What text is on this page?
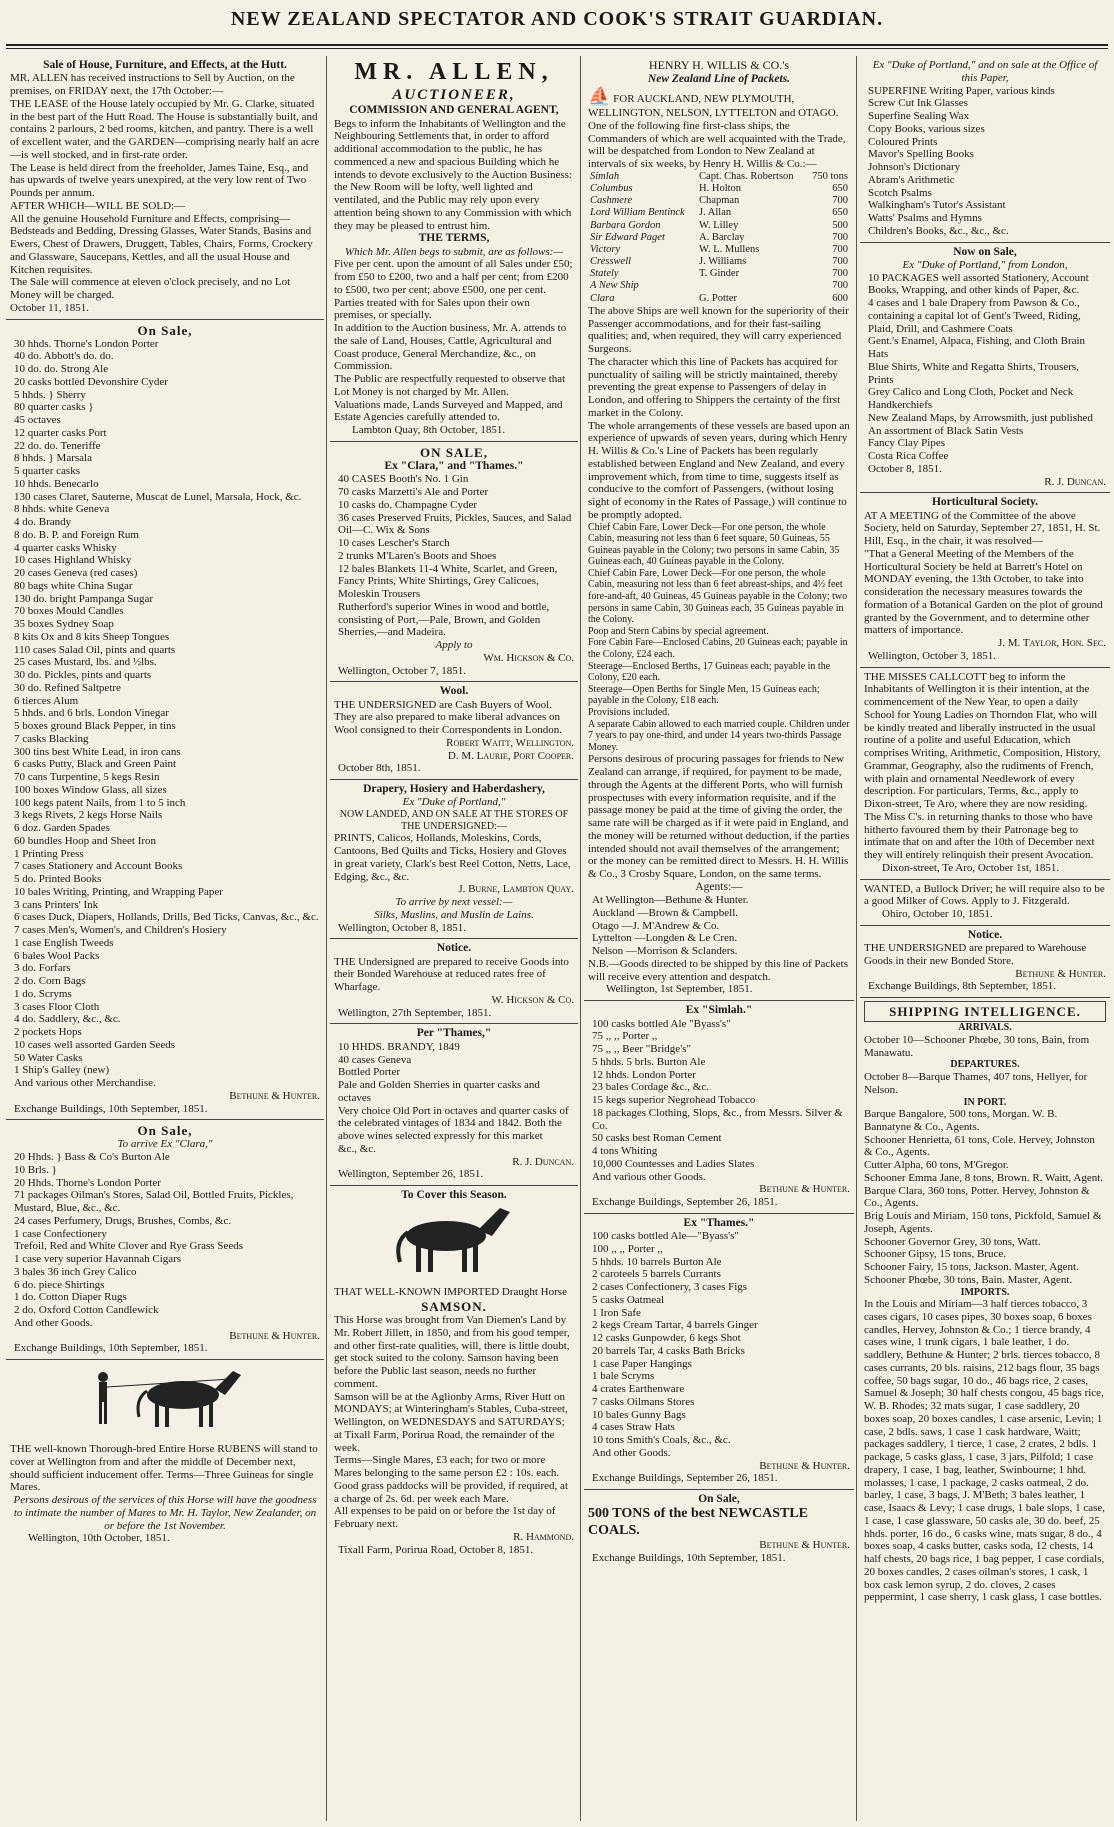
NEW ZEALAND SPECTATOR AND COOK'S STRAIT GUARDIAN.
Sale of House, Furniture, and Effects, at the Hutt.
MR. ALLEN has received instructions to Sell by Auction, on the premises, on FRIDAY next, the 17th October:—
THE LEASE of the House lately occupied by Mr. G. Clarke, situated in the best part of the Hutt Road. The House is substantially built, and contains 2 parlours, 2 bed rooms, kitchen, and pantry. There is a well of excellent water, and the GARDEN—comprising nearly half an acre—is well stocked, and in first-rate order.
The Lease is held direct from the freeholder, James Taine, Esq., and has upwards of twelve years unexpired, at the very low rent of Two Pounds per annum.
AFTER WHICH—WILL BE SOLD:—
All the genuine Household Furniture and Effects, comprising—Bedsteads and Bedding, Dressing Glasses, Water Stands, Basins and Ewers, Chest of Drawers, Druggett, Tables, Chairs, Forms, Crockery and Glassware, Saucepans, Kettles, and all the usual House and Kitchen requisites.
The Sale will commence at eleven o'clock precisely, and no Lot Money will be charged.
October 11, 1851.
On Sale,
30 hhds. Thorne's London Porter
40 do. Abbott's do. do.
10 do. do. Strong Ale
20 casks bottled Devonshire Cyder
5 hhds. } Sherry
80 quarter casks }
45 octaves
12 quarter casks Port
22 do. do. Teneriffe
8 hhds. } Marsala
5 quarter casks
10 hhds. Benecarlo
130 cases Claret, Sauterne, Muscat de Lunel, Marsala, Hock, &c.
8 hhds. white Geneva
4 do. Brandy
8 do. B. P. and Foreign Rum
4 quarter casks Whisky
10 cases Highland Whisky
20 cases Geneva (red cases)
80 bags white China Sugar
130 do. bright Pampanga Sugar
70 boxes Mould Candles
35 boxes Sydney Soap
8 kits Ox and 8 kits Sheep Tongues
110 cases Salad Oil, pints and quarts
25 cases Mustard, lbs. and ½lbs.
30 do. Pickles, pints and quarts
30 do. Refined Saltpetre
6 tierces Alum
5 hhds. and 6 brls. London Vinegar
5 boxes ground Black Pepper, in tins
7 casks Blacking
300 tins best White Lead, in iron cans
6 casks Putty, Black and Green Paint
70 cans Turpentine, 5 kegs Resin
100 boxes Window Glass, all sizes
100 kegs patent Nails, from 1 to 5 inch
3 kegs Rivets, 2 kegs Horse Nails
6 doz. Garden Spades
60 bundles Hoop and Sheet Iron
1 Printing Press
7 cases Stationery and Account Books
5 do. Printed Books
10 bales Writing, Printing, and Wrapping Paper
3 cans Printers' Ink
6 cases Duck, Diapers, Hollands, Drills, Bed Ticks, Canvas, &c., &c.
7 cases Men's, Women's, and Children's Hosiery
1 case English Tweeds
6 bales Wool Packs
3 do. Forfars
2 do. Corn Bags
1 do. Scryms
3 cases Floor Cloth
4 do. Saddlery, &c., &c.
2 pockets Hops
10 cases well assorted Garden Seeds
50 Water Casks
1 Ship's Galley (new)
And various other Merchandise.
Bethune & Hunter.
Exchange Buildings, 10th September, 1851.
On Sale,
To arrive Ex "Clara,"
20 Hhds. } Bass & Co's Burton Ale
10 Brls. }
20 Hhds. Thorne's London Porter
71 packages Oilman's Stores, Salad Oil, Bottled Fruits, Pickles, Mustard, Blue, &c., &c.
24 cases Perfumery, Drugs, Brushes, Combs, &c.
1 case Confectionery
Trefoil, Red and White Clover and Rye Grass Seeds
1 case very superior Havannah Cigars
3 bales 36 inch Grey Calico
6 do. piece Shirtings
1 do. Cotton Diaper Rugs
2 do. Oxford Cotton Candlewick
And other Goods.
Bethune & Hunter.
Exchange Buildings, 10th September, 1851.
THE well-known Thorough-bred Entire Horse RUBENS will stand to cover at Wellington from and after the middle of December next, should sufficient inducement offer. Terms—Three Guineas for single Mares.
Persons desirous of the services of this Horse will have the goodness to intimate the number of Mares to Mr. H. Taylor, New Zealander, on or before the 1st November.
Wellington, 10th October, 1851.
MR. ALLEN,
AUCTIONEER,
COMMISSION AND GENERAL AGENT,
Begs to inform the Inhabitants of Wellington and the Neighbouring Settlements that, in order to afford additional accommodation to the public, he has commenced a new and spacious Building which he intends to devote exclusively to the Auction Business: the New Room will be lofty, well lighted and ventilated, and the Public may rely upon every attention being shown to any Commission with which they may be pleased to entrust him.
THE TERMS,
Which Mr. Allen begs to submit, are as follows:—
Five per cent. upon the amount of all Sales under £50; from £50 to £200, two and a half per cent; from £200 to £500, two per cent; above £500, one per cent.
Parties treated with for Sales upon their own premises, or specially.
In addition to the Auction business, Mr. A. attends to the sale of Land, Houses, Cattle, Agricultural and Coast produce, General Merchandize, &c., on Commission.
The Public are respectfully requested to observe that Lot Money is not charged by Mr. Allen.
Valuations made, Lands Surveyed and Mapped, and Estate Agencies carefully attended to.
Lambton Quay, 8th October, 1851.
ON SALE,
Ex "Clara," and "Thames."
40 CASES Booth's No. 1 Gin
70 casks Marzetti's Ale and Porter
10 casks do. Champagne Cyder
36 cases Preserved Fruits, Pickles, Sauces, and Salad Oil—C. Wix & Sons
10 cases Lescher's Starch
2 trunks M'Laren's Boots and Shoes
12 bales Blankets 11-4 White, Scarlet, and Green, Fancy Prints, White Shirtings, Grey Calicoes, Moleskin Trousers
Rutherford's superior Wines in wood and bottle, consisting of Port,—Pale, Brown, and Golden Sherries,—and Madeira.
Apply to
Wm. Hickson & Co.
Wellington, October 7, 1851.
Wool.
THE UNDERSIGNED are Cash Buyers of Wool. They are also prepared to make liberal advances on Wool consigned to their Correspondents in London.
Robert Waitt, Wellington.
D. M. Laurie, Port Cooper.
October 8th, 1851.
Drapery, Hosiery and Haberdashery,
Ex "Duke of Portland,"
NOW LANDED, AND ON SALE AT THE STORES OF THE UNDERSIGNED:—
PRINTS, Calicos, Hollands, Moleskins, Cords, Cantoons, Bed Quilts and Ticks, Hosiery and Gloves in great variety, Clark's best Reel Cotton, Netts, Lace, Edging, &c., &c.
J. Burne, Lambton Quay.
To arrive by next vessel:—
Silks, Muslins, and Muslin de Lains.
Wellington, October 8, 1851.
Notice.
THE Undersigned are prepared to receive Goods into their Bonded Warehouse at reduced rates free of Wharfage.
W. Hickson & Co.
Wellington, 27th September, 1851.
Per "Thames,"
10 HHDS. BRANDY, 1849
40 cases Geneva
Bottled Porter
Pale and Golden Sherries in quarter casks and octaves
Very choice Old Port in octaves and quarter casks of the celebrated vintages of 1834 and 1842. Both the above wines selected expressly for this market
&c., &c.
R. J. Duncan.
Wellington, September 26, 1851.
To Cover this Season.
THAT WELL-KNOWN IMPORTED Draught Horse
SAMSON.
This Horse was brought from Van Diemen's Land by Mr. Robert Jillett, in 1850, and from his good temper, and other first-rate qualities, will, there is little doubt, get stock suited to the colony. Samson having been before the Public last season, needs no further comment.
Samson will be at the Aglionby Arms, River Hutt on MONDAYS; at Winteringham's Stables, Cuba-street, Wellington, on WEDNESDAYS and SATURDAYS; at Tixall Farm, Porirua Road, the remainder of the week.
Terms—Single Mares, £3 each; for two or more Mares belonging to the same person £2 : 10s. each. Good grass paddocks will be provided, if required, at a charge of 2s. 6d. per week each Mare.
All expenses to be paid on or before the 1st day of February next.
R. Hammond.
Tixall Farm, Porirua Road, October 8, 1851.
HENRY H. WILLIS & CO.'s
New Zealand Line of Packets.
⛵ FOR AUCKLAND, NEW PLYMOUTH, WELLINGTON, NELSON, LYTTELTON and OTAGO. One of the following fine first-class ships, the Commanders of which are well acquainted with the Trade, will be despatched from London to New Zealand at intervals of six weeks, by Henry H. Willis & Co.:—
Simlah	Capt. Chas. Robertson	750 tons
Columbus	H. Holton	650
Cashmere	Chapman	700
Lord William Bentinck	J. Allan	650
Barbara Gordon	W. Lilley	500
Sir Edward Paget	A. Barclay	700
Victory	W. L. Mullens	700
Cresswell	J. Williams	700
Stately	T. Ginder	700
A New Ship		700
Clara	G. Potter	600
The above Ships are well known for the superiority of their Passenger accommodations, and for their fast-sailing qualities; and, when required, they will carry experienced Surgeons.
The character which this line of Packets has acquired for punctuality of sailing will be strictly maintained, thereby preventing the great expense to Passengers of delay in London, and offering to Shippers the certainty of the first market in the Colony.
The whole arrangements of these vessels are based upon an experience of upwards of seven years, during which Henry H. Willis & Co.'s Line of Packets has been regularly established between England and New Zealand, and every improvement which, from time to time, suggests itself as conducive to the comfort of Passengers, (without losing sight of economy in the Rates of Passage,) will continue to be promptly adopted.
Chief Cabin Fare, Lower Deck—For one person, the whole Cabin, measuring not less than 6 feet square, 50 Guineas, 55 Guineas payable in the Colony; two persons in same Cabin, 35 Guineas each, 40 Guineas payable in the Colony.
Chief Cabin Fare, Lower Deck—For one person, the whole Cabin, measuring not less than 6 feet abreast-ships, and 4½ feet fore-and-aft, 40 Guineas, 45 Guineas payable in the Colony; two persons in same Cabin, 30 Guineas each, 35 Guineas payable in the Colony.
Poop and Stern Cabins by special agreement.
Fore Cabin Fare—Enclosed Cabins, 20 Guineas each; payable in the Colony, £24 each.
Steerage—Enclosed Berths, 17 Guineas each; payable in the Colony, £20 each.
Steerage—Open Berths for Single Men, 15 Guineas each; payable in the Colony, £18 each.
Provisions included.
A separate Cabin allowed to each married couple. Children under 7 years to pay one-third, and under 14 years two-thirds Passage Money.
Persons desirous of procuring passages for friends to New Zealand can arrange, if required, for payment to be made, through the Agents at the different Ports, who will furnish prospectuses with every information requisite, and if the passage money be paid at the time of giving the order, the same rate will be charged as if it were paid in England, and the money will be returned without deduction, if the parties intended should not avail themselves of the arrangement; or the money can be remitted direct to Messrs. H. H. Willis & Co., 3 Crosby Square, London, on the same terms.
Agents:—
At Wellington—Bethune & Hunter.
Auckland —Brown & Campbell.
Otago —J. M'Andrew & Co.
Lyttelton —Longden & Le Cren.
Nelson —Morrison & Sclanders.
N.B.—Goods directed to be shipped by this line of Packets will receive every attention and despatch.
Wellington, 1st September, 1851.
Ex "Simlah."
100 casks bottled Ale "Byass's"
75 ,, ,, Porter ,,
75 ,, ,, Beer "Bridge's"
5 hhds. 5 brls. Burton Ale
12 hhds. London Porter
23 bales Cordage &c., &c.
15 kegs superior Negrohead Tobacco
18 packages Clothing, Slops, &c., from Messrs. Silver & Co.
50 casks best Roman Cement
4 tons Whiting
10,000 Countesses and Ladies Slates
And various other Goods.
Bethune & Hunter.
Exchange Buildings, September 26, 1851.
Ex "Thames."
100 casks bottled Ale—"Byass's"
100 ,, ,, Porter ,,
5 hhds. 10 barrels Burton Ale
2 caroteels 5 barrels Currants
2 cases Confectionery, 3 cases Figs
5 casks Oatmeal
1 Iron Safe
2 kegs Cream Tartar, 4 barrels Ginger
12 casks Gunpowder, 6 kegs Shot
20 barrels Tar, 4 casks Bath Bricks
1 case Paper Hangings
1 bale Scryms
4 crates Earthenware
7 casks Oilmans Stores
10 bales Gunny Bags
4 cases Straw Hats
10 tons Smith's Coals, &c., &c.
And other Goods.
Bethune & Hunter.
Exchange Buildings, September 26, 1851.
On Sale,
500 TONS of the best NEWCASTLE COALS.
Bethune & Hunter.
Exchange Buildings, 10th September, 1851.
Ex "Duke of Portland," and on sale at the Office of this Paper,
SUPERFINE Writing Paper, various kinds
Screw Cut Ink Glasses
Superfine Sealing Wax
Copy Books, various sizes
Coloured Prints
Mavor's Spelling Books
Johnson's Dictionary
Abram's Arithmetic
Scotch Psalms
Walkingham's Tutor's Assistant
Watts' Psalms and Hymns
Children's Books, &c., &c., &c.
Now on Sale,
Ex "Duke of Portland," from London,
10 PACKAGES well assorted Stationery, Account Books, Wrapping, and other kinds of Paper, &c.
4 cases and 1 bale Drapery from Pawson & Co., containing a capital lot of Gent's Tweed, Riding, Plaid, Drill, and Cashmere Coats
Gent.'s Enamel, Alpaca, Fishing, and Cloth Brain Hats
Blue Shirts, White and Regatta Shirts, Trousers, Prints
Grey Calico and Long Cloth, Pocket and Neck Handkerchiefs
New Zealand Maps, by Arrowsmith, just published
An assortment of Black Satin Vests
Fancy Clay Pipes
Costa Rica Coffee
October 8, 1851.
R. J. Duncan.
Horticultural Society.
AT A MEETING of the Committee of the above Society, held on Saturday, September 27, 1851, H. St. Hill, Esq., in the chair, it was resolved—
"That a General Meeting of the Members of the Horticultural Society be held at Barrett's Hotel on MONDAY evening, the 13th October, to take into consideration the necessary measures towards the formation of a Botanical Garden on the plot of ground granted by the Government, and to determine other matters of importance.
J. M. Taylor, Hon. Sec.
Wellington, October 3, 1851.
THE MISSES CALLCOTT beg to inform the Inhabitants of Wellington it is their intention, at the commencement of the New Year, to open a daily School for Young Ladies on Thorndon Flat, who will be kindly treated and liberally instructed in the usual routine of a polite and useful Education, which comprises Writing, Arithmetic, Composition, History, Grammar, Geography, also the rudiments of French, with plain and ornamental Needlework of every description. For particulars, Terms, &c., apply to Dixon-street, Te Aro, where they are now residing. The Miss C's. in returning thanks to those who have hitherto favoured them by their Patronage beg to intimate that on and after the 10th of December next they will entirely relinquish their present Avocation.
Dixon-street, Te Aro, October 1st, 1851.
WANTED, a Bullock Driver; he will require also to be a good Milker of Cows. Apply to J. Fitzgerald.
Ohiro, October 10, 1851.
Notice.
THE UNDERSIGNED are prepared to Warehouse Goods in their new Bonded Store.
Bethune & Hunter.
Exchange Buildings, 8th September, 1851.
SHIPPING INTELLIGENCE.
ARRIVALS.
October 10—Schooner Phœbe, 30 tons, Bain, from Manawatu.
DEPARTURES.
October 8—Barque Thames, 407 tons, Hellyer, for Nelson.
IN PORT.
Barque Bangalore, 500 tons, Morgan. W. B. Bannatyne & Co., Agents.
Schooner Henrietta, 61 tons, Cole. Hervey, Johnston & Co., Agents.
Cutter Alpha, 60 tons, M'Gregor.
Schooner Emma Jane, 8 tons, Brown. R. Waitt, Agent.
Barque Clara, 360 tons, Potter. Hervey, Johnston & Co., Agents.
Brig Louis and Miriam, 150 tons, Pickfold, Samuel & Joseph, Agents.
Schooner Governor Grey, 30 tons, Watt.
Schooner Gipsy, 15 tons, Bruce.
Schooner Fairy, 15 tons, Jackson. Master, Agent.
Schooner Phœbe, 30 tons, Bain. Master, Agent.
IMPORTS.
In the Louis and Miriam—3 half tierces tobacco, 3 cases cigars, 10 cases pipes, 30 boxes soap, 6 boxes candles, Hervey, Johnston & Co.; 1 tierce brandy, 4 cases wine, 1 trunk cigars, 1 bale leather, 1 do. saddlery, Bethune & Hunter; 2 brls. tierces tobacco, 8 cases currants, 20 bls. raisins, 212 bags flour, 35 bags coffee, 50 bags sugar, 10 do., 46 bags rice, 2 cases, Samuel & Joseph; 30 half chests congou, 45 bags rice, W. B. Rhodes; 32 mats sugar, 1 case saddlery, 20 boxes soap, 20 boxes candles, 1 case arsenic, Levin; 1 case, 2 bdls. saws, 1 case 1 cask hardware, Waitt; packages saddlery, 1 tierce, 1 case, 2 crates, 2 bdls. 1 package, 5 casks glass, 1 case, 3 jars, Pilfold; 1 case drapery, 1 case, 1 bag, leather, Swinbourne; 1 hhd. molasses, 1 case, 1 package, 2 casks oatmeal, 2 do. barley, 1 case, 3 bags, J. M'Beth; 3 bales leather, 1 case, Isaacs & Levy; 1 case drugs, 1 bale slops, 1 case, 1 case, 1 case glassware, 50 casks ale, 30 do. beef, 25 hhds. porter, 16 do., 6 casks wine, mats sugar, 8 do., 4 boxes soap, 4 casks butter, casks soda, 12 chests, 14 half chests, 20 bags rice, 1 bag pepper, 1 case cordials, 20 boxes candles, 2 cases oilman's stores, 1 cask, 1 box cask lemon syrup, 2 do. cloves, 2 cases peppermint, 1 case sherry, 1 cask glass, 1 case bottles.
